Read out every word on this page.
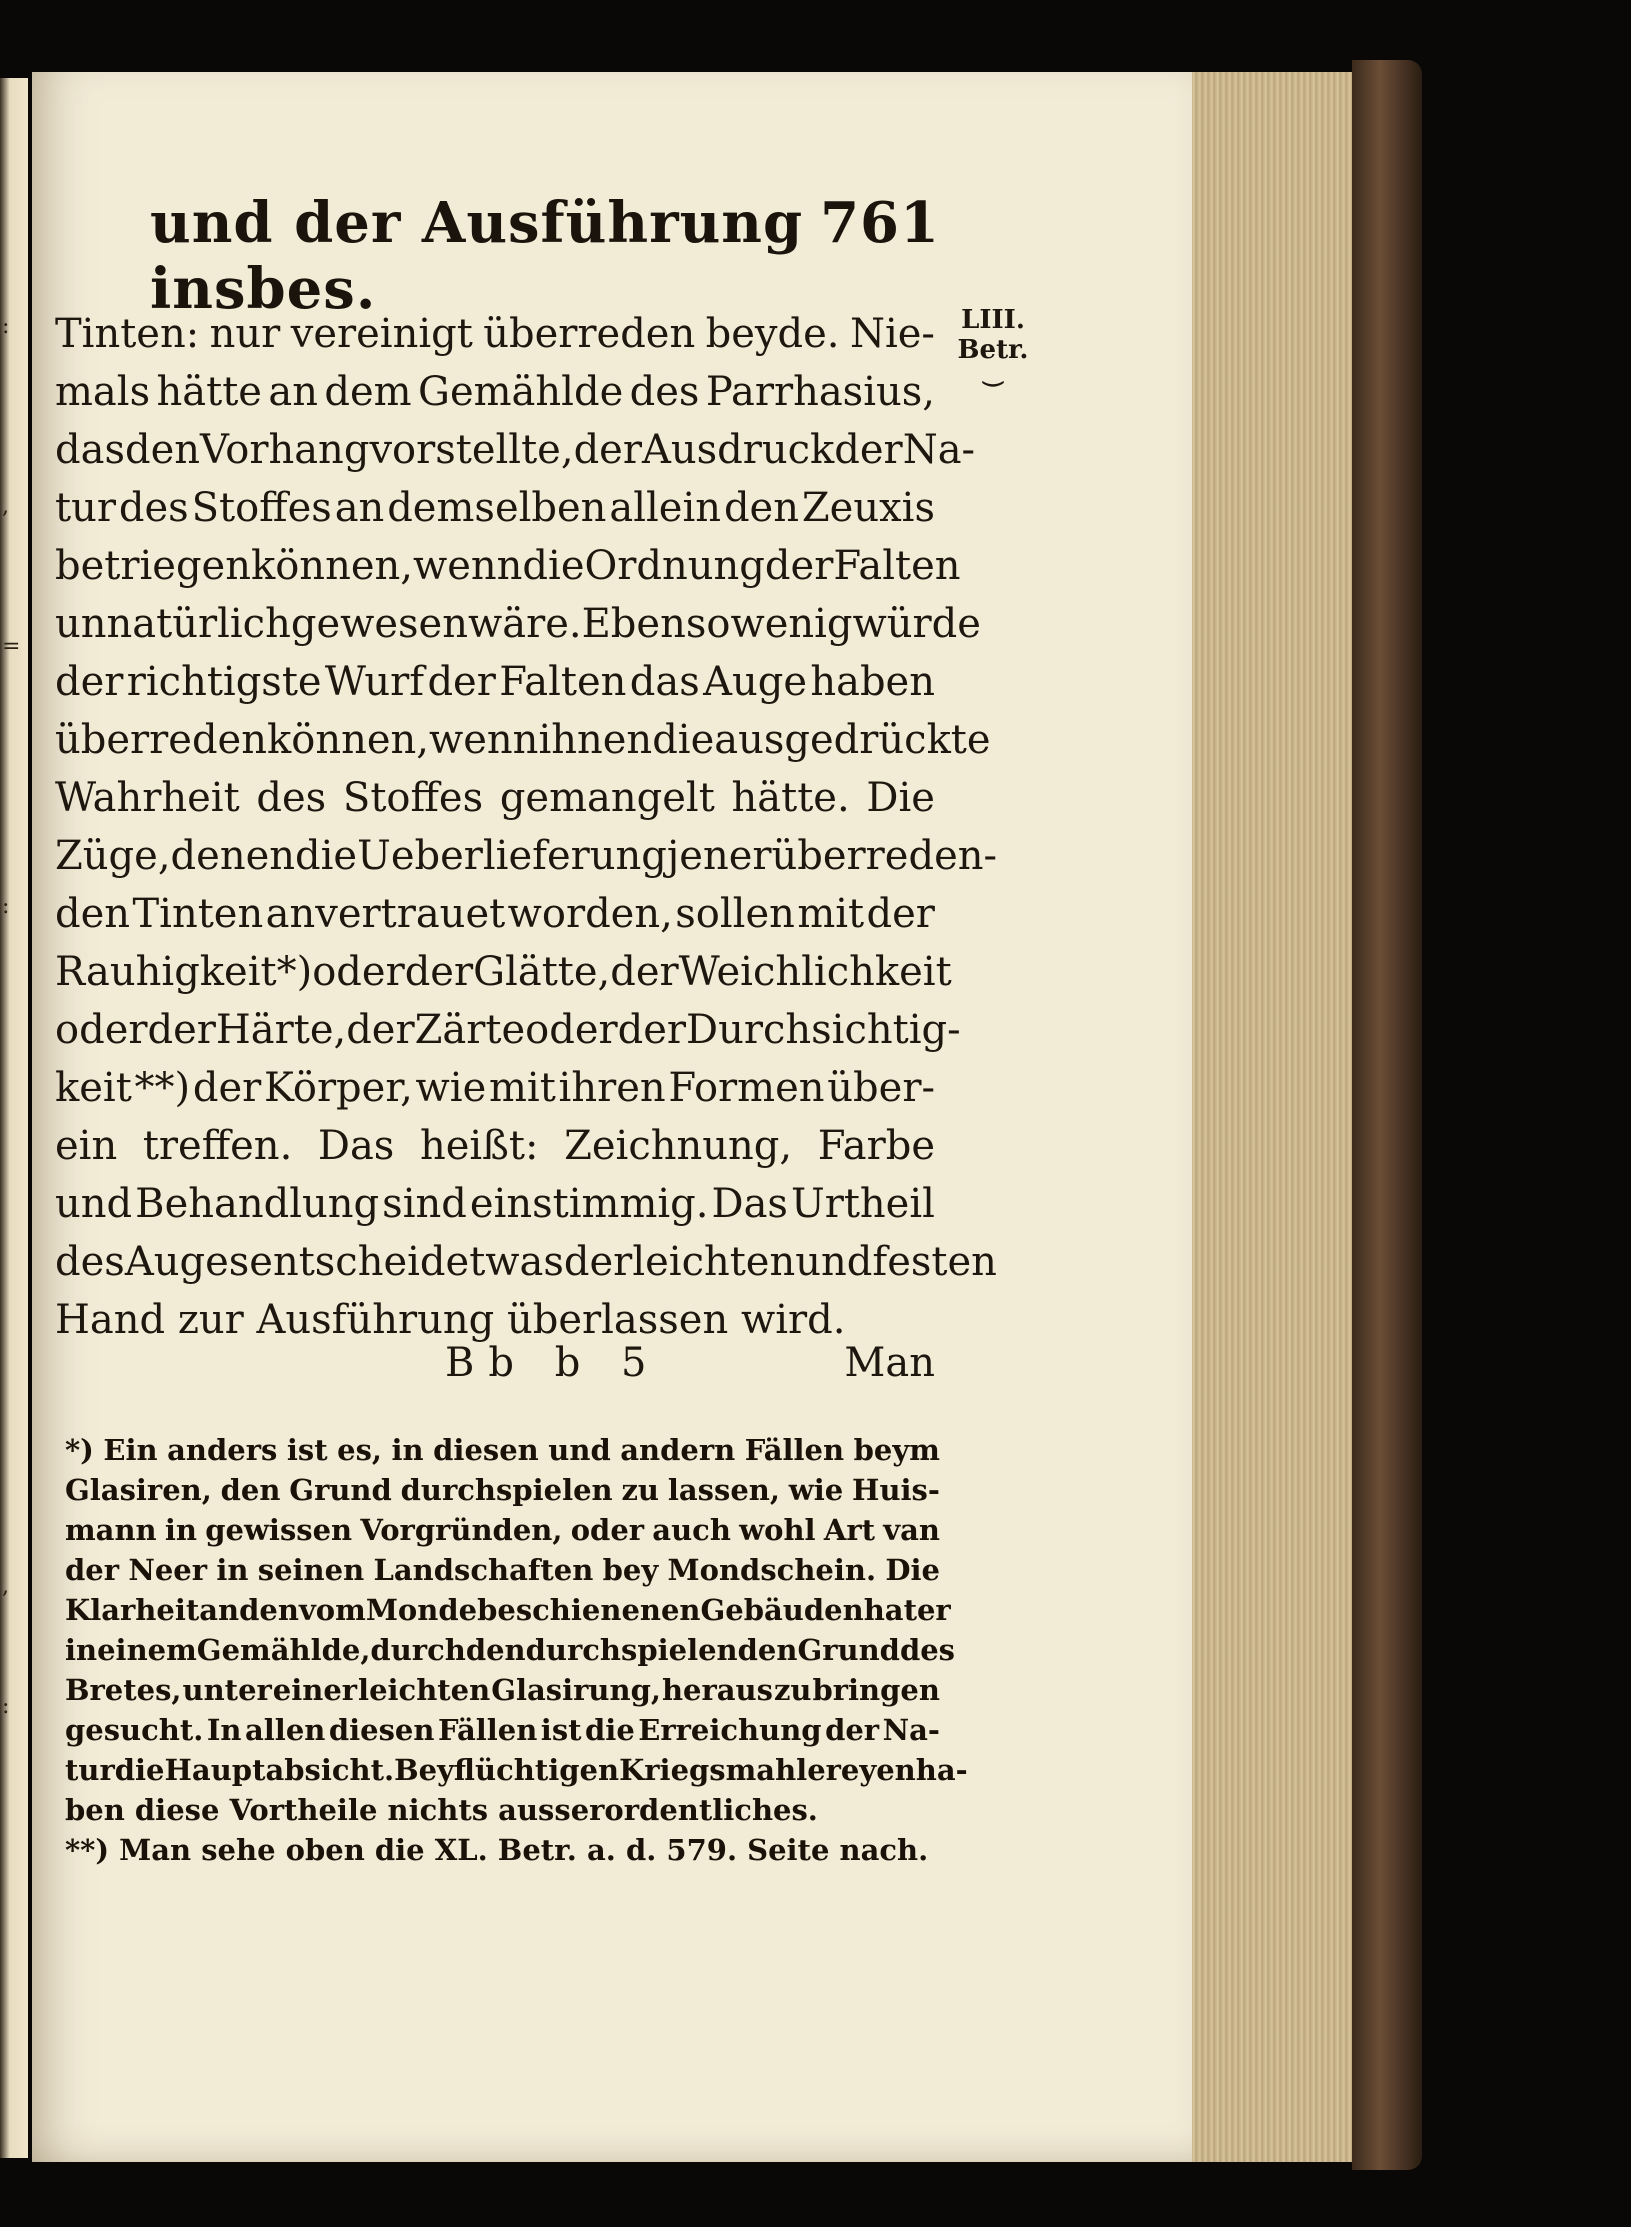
:
,
=
:
,
:
und der Ausführung insbes.
761
LIII.
Betr.
⏝
Tinten: nur vereinigt überreden beyde. Nie-
mals hätte an dem Gemählde des Parrhasius,
das den Vorhang vorstellte, der Ausdruck der Na-
tur des Stoffes an demselben allein den Zeuxis
betriegen können, wenn die Ordnung der Falten
unnatürlich gewesen wäre. Eben so wenig würde
der richtigste Wurf der Falten das Auge haben
überreden können, wenn ihnen die ausgedrückte
Wahrheit des Stoffes gemangelt hätte. Die
Züge, denen die Ueberlieferung jener überreden-
den Tinten anvertrauet worden, sollen mit der
Rauhigkeit *) oder der Glätte, der Weichlichkeit
oder der Härte, der Zärte oder der Durchsichtig-
keit **) der Körper, wie mit ihren Formen über-
ein treffen. Das heißt: Zeichnung, Farbe
und Behandlung sind einstimmig. Das Urtheil
des Auges entscheidet was der leichten und festen
Hand zur Ausführung überlassen wird.
Bb b 5	Man
*) Ein anders ist es, in diesen und andern Fällen beym
Glasiren, den Grund durchspielen zu lassen, wie Huis-
mann in gewissen Vorgründen, oder auch wohl Art van
der Neer in seinen Landschaften bey Mondschein. Die
Klarheit an den vom Monde beschienenen Gebäuden hat er
in einem Gemählde, durch den durchspielenden Grund des
Bretes, unter einer leichten Glasirung, heraus zu bringen
gesucht. In allen diesen Fällen ist die Erreichung der Na-
tur die Hauptabsicht. Bey flüchtigen Kriegsmahlereyen ha-
ben diese Vortheile nichts ausserordentliches.
**) Man sehe oben die XL. Betr. a. d. 579. Seite nach.
